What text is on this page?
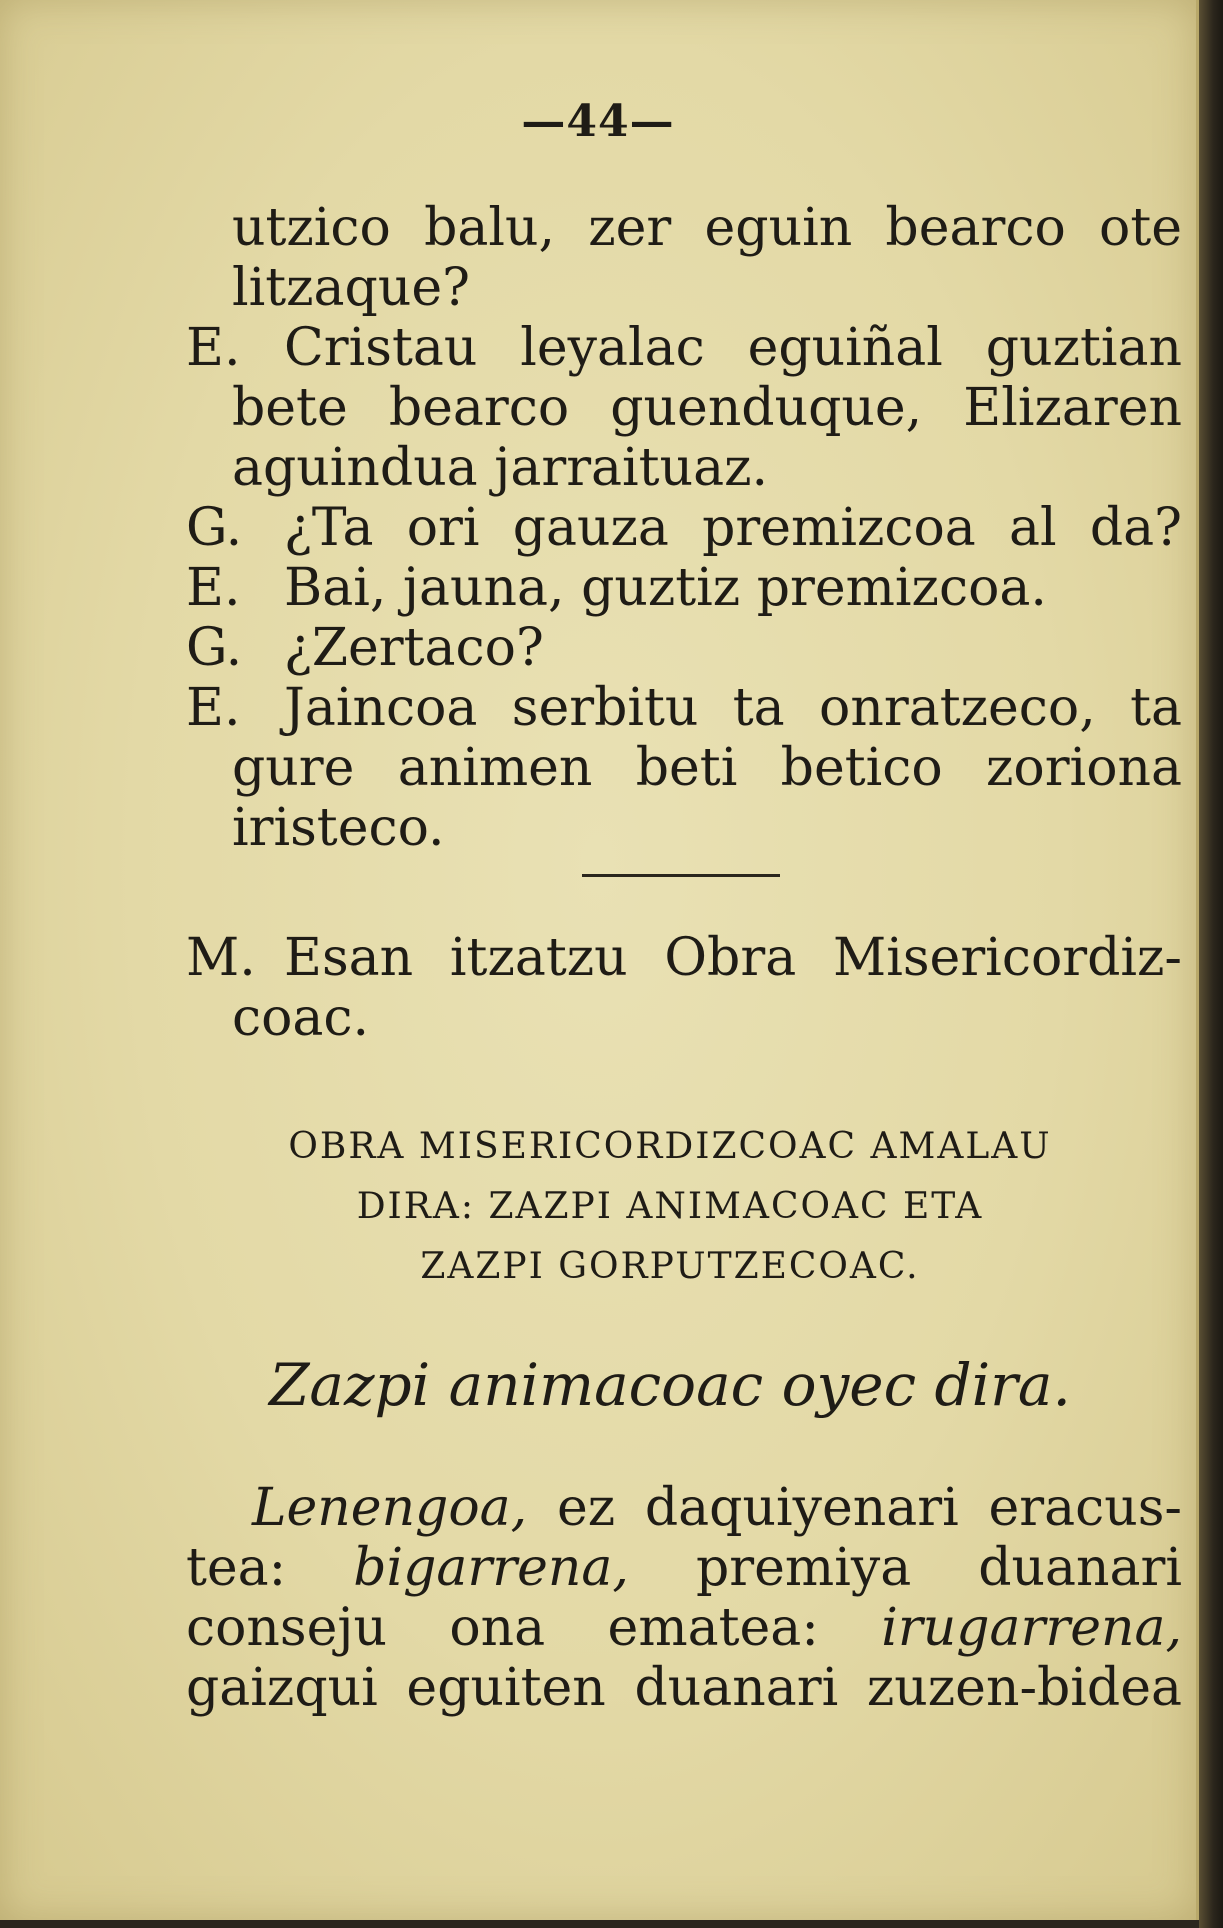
—44—
utzico balu, zer eguin bearco ote
litzaque?
E. Cristau leyalac eguiñal guztian
bete bearco guenduque, Elizaren
aguindua jarraituaz.
G. ¿Ta ori gauza premizcoa al da?
E. Bai, jauna, guztiz premizcoa.
G. ¿Zertaco?
E. Jaincoa serbitu ta onratzeco, ta
gure animen beti betico zoriona
iristeco.
M. Esan itzatzu Obra Misericordiz-
coac.
OBRA MISERICORDIZCOAC AMALAU
DIRA: ZAZPI ANIMACOAC ETA
ZAZPI GORPUTZECOAC.
Zazpi animacoac oyec dira.
Lenengoa, ez daquiyenari eracus-
tea: bigarrena, premiya duanari
conseju ona ematea: irugarrena,
gaizqui eguiten duanari zuzen-bidea
